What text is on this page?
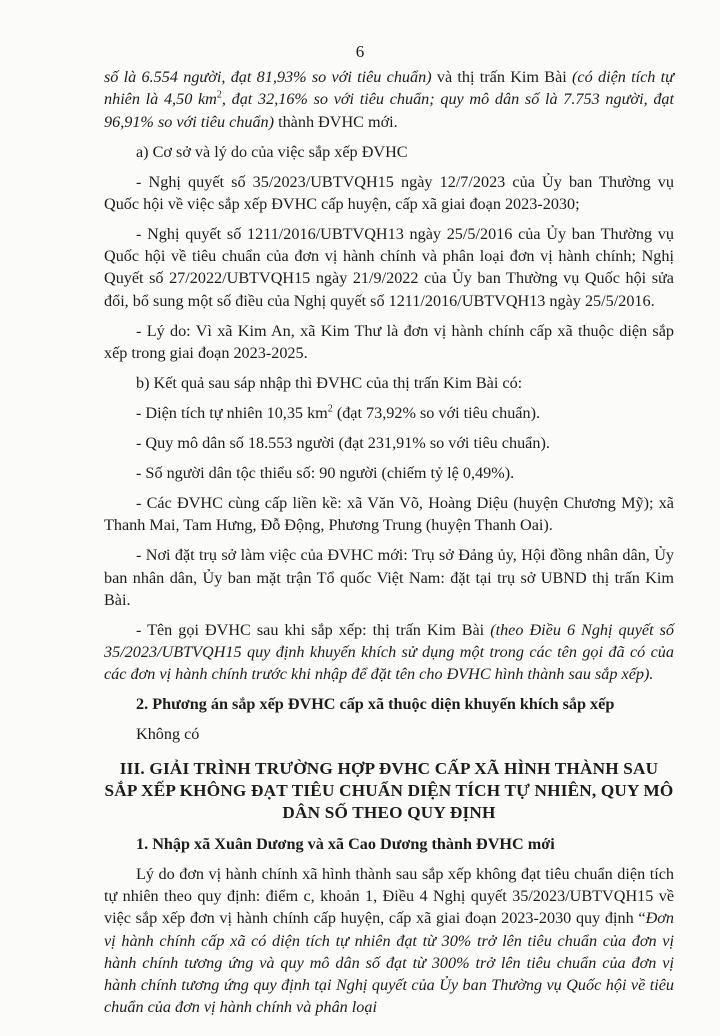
6

số là 6.554 người, đạt 81,93% so với tiêu chuẩn) và thị trấn Kim Bài (có diện tích tự nhiên là 4,50 $km^2$, đạt 32,16% so với tiêu chuẩn; quy mô dân số là 7.753 người, đạt 96,91% so với tiêu chuẩn) thành ĐVHC mới.

a) Cơ sở và lý do của việc sắp xếp ĐVHC

- Nghị quyết số 35/2023/UBTVQH15 ngày 12/7/2023 của Ủy ban Thường vụ Quốc hội về việc sắp xếp ĐVHC cấp huyện, cấp xã giai đoạn 2023-2030;

- Nghị quyết số 1211/2016/UBTVQH13 ngày 25/5/2016 của Ủy ban Thường vụ Quốc hội về tiêu chuẩn của đơn vị hành chính và phân loại đơn vị hành chính; Nghị Quyết số 27/2022/UBTVQH15 ngày 21/9/2022 của Ủy ban Thường vụ Quốc hội sửa đổi, bổ sung một số điều của Nghị quyết số 1211/2016/UBTVQH13 ngày 25/5/2016.

- Lý do: Vì xã Kim An, xã Kim Thư là đơn vị hành chính cấp xã thuộc diện sắp xếp trong giai đoạn 2023-2025.

b) Kết quả sau sáp nhập thì ĐVHC của thị trấn Kim Bài có:

- Diện tích tự nhiên 10,35 $km^2$ (đạt 73,92% so với tiêu chuẩn).

- Quy mô dân số 18.553 người (đạt 231,91% so với tiêu chuẩn).

- Số người dân tộc thiểu số: 90 người (chiếm tỷ lệ 0,49%).

- Các ĐVHC cùng cấp liền kề: xã Văn Võ, Hoàng Diệu (huyện Chương Mỹ); xã Thanh Mai, Tam Hưng, Đỗ Động, Phương Trung (huyện Thanh Oai).

- Nơi đặt trụ sở làm việc của ĐVHC mới: Trụ sở Đảng ủy, Hội đồng nhân dân, Ủy ban nhân dân, Ủy ban mặt trận Tổ quốc Việt Nam: đặt tại trụ sở UBND thị trấn Kim Bài.

- Tên gọi ĐVHC sau khi sắp xếp: thị trấn Kim Bài (theo Điều 6 Nghị quyết số 35/2023/UBTVQH15 quy định khuyến khích sử dụng một trong các tên gọi đã có của các đơn vị hành chính trước khi nhập để đặt tên cho ĐVHC hình thành sau sắp xếp).

2. Phương án sắp xếp ĐVHC cấp xã thuộc diện khuyến khích sắp xếp

Không có

III. GIẢI TRÌNH TRƯỜNG HỢP ĐVHC CẤP XÃ HÌNH THÀNH SAU SẮP XẾP KHÔNG ĐẠT TIÊU CHUẨN DIỆN TÍCH TỰ NHIÊN, QUY MÔ DÂN SỐ THEO QUY ĐỊNH

1. Nhập xã Xuân Dương và xã Cao Dương thành ĐVHC mới

Lý do đơn vị hành chính xã hình thành sau sắp xếp không đạt tiêu chuẩn diện tích tự nhiên theo quy định: điểm c, khoản 1, Điều 4 Nghị quyết 35/2023/UBTVQH15 về việc sắp xếp đơn vị hành chính cấp huyện, cấp xã giai đoạn 2023-2030 quy định “Đơn vị hành chính cấp xã có diện tích tự nhiên đạt từ 30% trở lên tiêu chuẩn của đơn vị hành chính tương ứng và quy mô dân số đạt từ 300% trở lên tiêu chuẩn của đơn vị hành chính tương ứng quy định tại Nghị quyết của Ủy ban Thường vụ Quốc hội về tiêu chuẩn của đơn vị hành chính và phân loại
